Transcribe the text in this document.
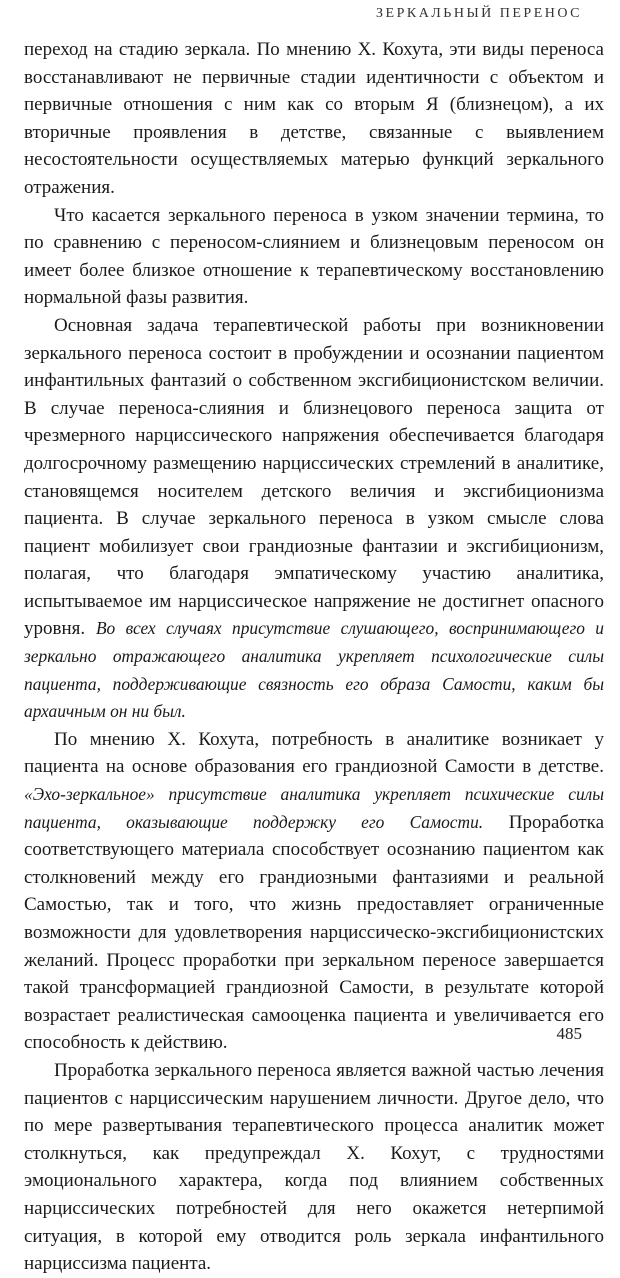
ЗЕРКАЛЬНЫЙ ПЕРЕНОС

переход на стадию зеркала. По мнению Х. Кохута, эти виды переноса восстанавливают не первичные стадии идентичности с объектом и первичные отношения с ним как со вторым Я (близнецом), а их вторичные проявления в детстве, связанные с выявлением несостоятельности осуществляемых матерью функций зеркального отражения.

Что касается зеркального переноса в узком значении термина, то по сравнению с переносом-слиянием и близнецовым переносом он имеет более близкое отношение к терапевтическому восстановлению нормальной фазы развития.

Основная задача терапевтической работы при возникновении зеркального переноса состоит в пробуждении и осознании пациентом инфантильных фантазий о собственном эксгибиционистском величии. В случае переноса-слияния и близнецового переноса защита от чрезмерного нарциссического напряжения обеспечивается благодаря долгосрочному размещению нарциссических стремлений в аналитике, становящемся носителем детского величия и эксгибиционизма пациента. В случае зеркального переноса в узком смысле слова пациент мобилизует свои грандиозные фантазии и эксгибиционизм, полагая, что благодаря эмпатическому участию аналитика, испытываемое им нарциссическое напряжение не достигнет опасного уровня. Во всех случаях присутствие слушающего, воспринимающего и зеркально отражающего аналитика укрепляет психологические силы пациента, поддерживающие связность его образа Самости, каким бы архаичным он ни был.

По мнению Х. Кохута, потребность в аналитике возникает у пациента на основе образования его грандиозной Самости в детстве. «Эхо-зеркальное» присутствие аналитика укрепляет психические силы пациента, оказывающие поддержку его Самости. Проработка соответствующего материала способствует осознанию пациентом как столкновений между его грандиозными фантазиями и реальной Самостью, так и того, что жизнь предоставляет ограниченные возможности для удовлетворения нарциссическо-эксгибиционистских желаний. Процесс проработки при зеркальном переносе завершается такой трансформацией грандиозной Самости, в результате которой возрастает реалистическая самооценка пациента и увеличивается его способность к действию.

Проработка зеркального переноса является важной частью лечения пациентов с нарциссическим нарушением личности. Другое дело, что по мере развертывания терапевтического процесса аналитик может столкнуться, как предупреждал Х. Кохут, с трудностями эмоционального характера, когда под влиянием собственных нарциссических потребностей для него окажется нетерпимой ситуация, в которой ему отводится роль зеркала инфантильного нарциссизма пациента.

485
